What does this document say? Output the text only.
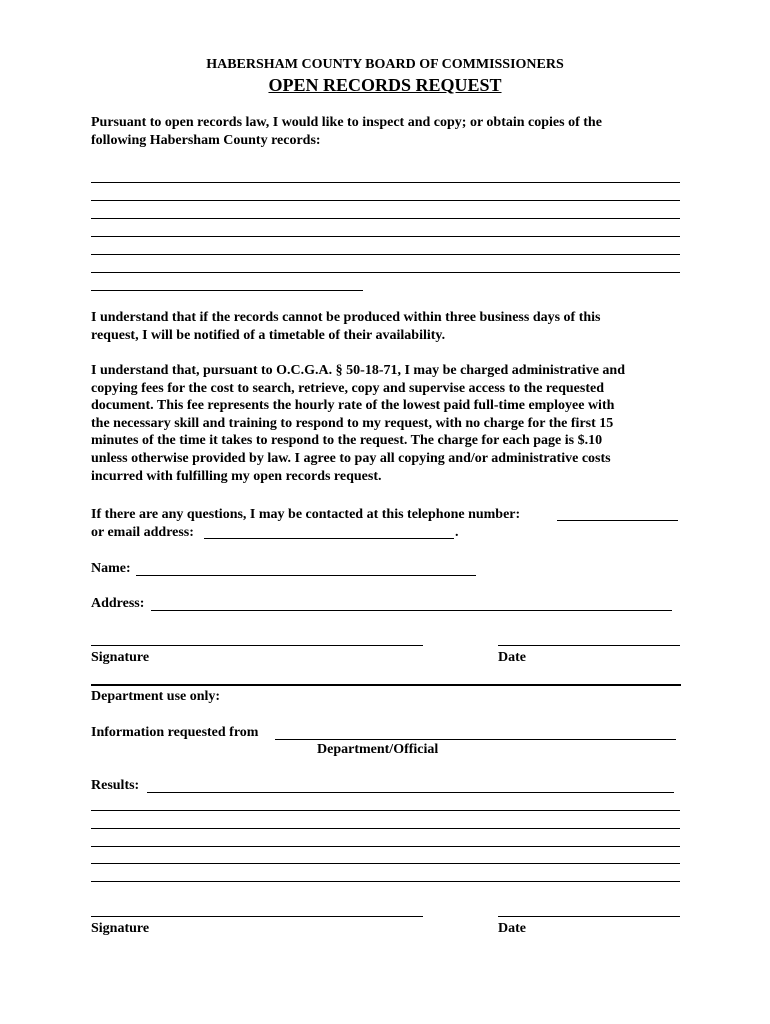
HABERSHAM COUNTY BOARD OF COMMISSIONERS
OPEN RECORDS REQUEST
Pursuant to open records law, I would like to inspect and copy; or obtain copies of the
following Habersham County records:
I understand that if the records cannot be produced within three business days of this
request, I will be notified of a timetable of their availability.
I understand that, pursuant to O.C.G.A. § 50-18-71, I may be charged administrative and
copying fees for the cost to search, retrieve, copy and supervise access to the requested
document. This fee represents the hourly rate of the lowest paid full-time employee with
the necessary skill and training to respond to my request, with no charge for the first 15
minutes of the time it takes to respond to the request. The charge for each page is $.10
unless otherwise provided by law. I agree to pay all copying and/or administrative costs
incurred with fulfilling my open records request.
If there are any questions, I may be contacted at this telephone number:
or email address:	.
Name:
Address:
Signature	Date
Department use only:
Information requested from
Department/Official
Results:
Signature	Date
